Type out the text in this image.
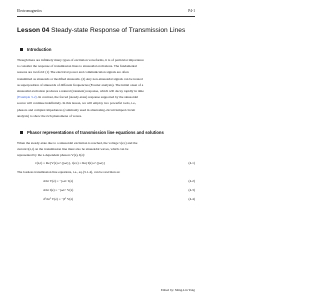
Electromagnetics	P4-1
Lesson 04 Steady-state Response of Transmission Lines
Introduction
Though there are infinitely many types of excitation waveforms, it is of particular importance
to consider the response of transmission lines to sinusoidal excitations. The fundamental
reasons are twofold: (1) The electrical power and communication signals are often
transmitted as sinusoids or modified sinusoids. (2) Any non-sinusoidal signals can be treated
as superposition of sinusoids of different frequencies (Fourier analysis). The initial onset of a
sinusoidal excitation produces a natural (transient) response, which will decay rapidly in time
(Example 3-2). In contrast, the forced (steady-state) response supported by the sinusoidal
source will continue indefinitely. In this lesson, we will employ two powerful tools, i.e.,
phasors and complex impedances (commonly used in alternating-circuit lumped circuit
analysis) to show the rich phenomena of waves.
Phasor representations of transmission line equations and solutions
When the steady-state due to a sinusoidal excitation is reached, the voltage v(z,t) and the
current i(z,t) on the transmission line must also be sinusoidal waves, which can be
represented by the z-dependent phasors V(z), I(z):
v(z,t) = Re{V(z) e^{jωt}}, i(z,t) = Re{I(z) e^{jωt}}	(4.1)
The lossless transmission line equations, i.e., eq.(3.1-4), can be rewritten as:
d/dz V(z) = −jωL′ I(z)	(4.2)
d/dz I(z) = −jωC′ V(z)	(4.3)
d²/dz² V(z) = −β² V(z)	(4.4)
Edited by: Shing-Lin Yang
